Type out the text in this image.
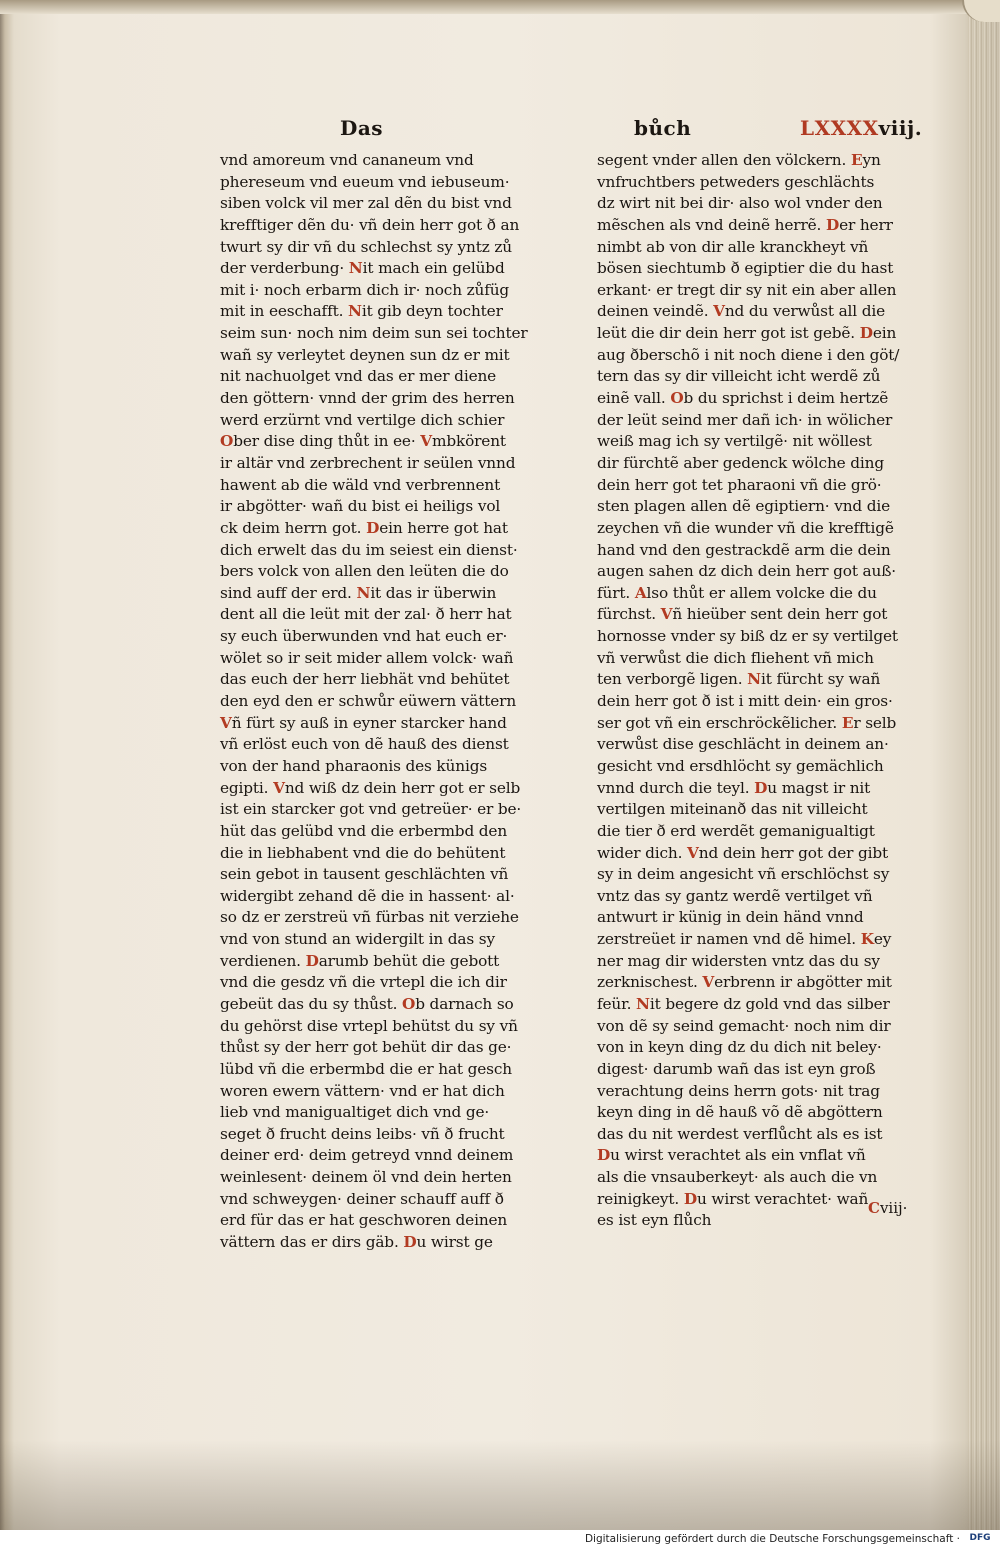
Das	bůch	LXXXXviij.
vnd amoreum vnd cananeum vnd
phereseum vnd eueum vnd iebuseum·
siben volck vil mer zal dẽn du bist vnd
krefftiger dẽn du· vñ dein herr got ð an
twurt sy dir vñ du schlechst sy yntz zů
der verderbung· Nit mach ein gelübd
mit i· noch erbarm dich ir· noch zůfüg
mit in eeschafft. Nit gib deyn tochter
seim sun· noch nim deim sun sei tochter
wañ sy verleytet deynen sun dz er mit
nit nachuolget vnd das er mer diene
den göttern· vnnd der grim des herren
werd erzürnt vnd vertilge dich schier
Ober dise ding thůt in ee· Vmbkörent
ir altär vnd zerbrechent ir seülen vnnd
hawent ab die wäld vnd verbrennent
ir abgötter· wañ du bist ei heiligs vol
ck deim herrn got. Dein herre got hat
dich erwelt das du im seiest ein dienst·
bers volck von allen den leüten die do
sind auff der erd. Nit das ir überwin
dent all die leüt mit der zal· ð herr hat
sy euch überwunden vnd hat euch er·
wölet so ir seit mider allem volck· wañ
das euch der herr liebhät vnd behütet
den eyd den er schwůr eüwern vättern
Vñ fürt sy auß in eyner starcker hand
vñ erlöst euch von dẽ hauß des dienst
von der hand pharaonis des künigs
egipti. Vnd wiß dz dein herr got er selb
ist ein starcker got vnd getreüer· er be·
hüt das gelübd vnd die erbermbd den
die in liebhabent vnd die do behütent
sein gebot in tausent geschlächten vñ
widergibt zehand dẽ die in hassent· al·
so dz er zerstreü vñ fürbas nit verziehe
vnd von stund an widergilt in das sy
verdienen. Darumb behüt die gebott
vnd die gesdz vñ die vrtepl die ich dir
gebeüt das du sy thůst. Ob darnach so
du gehörst dise vrtepl behütst du sy vñ
thůst sy der herr got behüt dir das ge·
lübd vñ die erbermbd die er hat gesch
woren ewern vättern· vnd er hat dich
lieb vnd manigualtiget dich vnd ge·
seget ð frucht deins leibs· vñ ð frucht
deiner erd· deim getreyd vnnd deinem
weinlesent· deinem öl vnd dein herten
vnd schweygen· deiner schauff auff ð
erd für das er hat geschworen deinen
vättern das er dirs gäb. Du wirst ge
segent vnder allen den völckern. Eyn
vnfruchtbers petweders geschlächts
dz wirt nit bei dir· also wol vnder den
mẽschen als vnd deinẽ herrẽ. Der herr
nimbt ab von dir alle kranckheyt vñ
bösen siechtumb ð egiptier die du hast
erkant· er tregt dir sy nit ein aber allen
deinen veindẽ. Vnd du verwůst all die
leüt die dir dein herr got ist gebẽ. Dein
aug ðberschõ i nit noch diene i den göt/
tern das sy dir villeicht icht werdẽ zů
einẽ vall. Ob du sprichst i deim hertzẽ
der leüt seind mer dañ ich· in wölicher
weiß mag ich sy vertilgẽ· nit wöllest
dir fürchtẽ aber gedenck wölche ding
dein herr got tet pharaoni vñ die grö·
sten plagen allen dẽ egiptiern· vnd die
zeychen vñ die wunder vñ die krefftigẽ
hand vnd den gestrackdẽ arm die dein
augen sahen dz dich dein herr got auß·
fürt. Also thůt er allem volcke die du
fürchst. Vñ hieüber sent dein herr got
hornosse vnder sy biß dz er sy vertilget
vñ verwůst die dich fliehent vñ mich
ten verborgẽ ligen. Nit fürcht sy wañ
dein herr got ð ist i mitt dein· ein gros·
ser got vñ ein erschröckẽlicher. Er selb
verwůst dise geschlächt in deinem an·
gesicht vnd ersdhlöcht sy gemächlich
vnnd durch die teyl. Du magst ir nit
vertilgen miteinanð das nit villeicht
die tier ð erd werdẽt gemanigualtigt
wider dich. Vnd dein herr got der gibt
sy in deim angesicht vñ erschlöchst sy
vntz das sy gantz werdẽ vertilget vñ
antwurt ir künig in dein händ vnnd
zerstreüet ir namen vnd dẽ himel. Key
ner mag dir widersten vntz das du sy
zerknischest. Verbrenn ir abgötter mit
feür. Nit begere dz gold vnd das silber
von dẽ sy seind gemacht· noch nim dir
von in keyn ding dz du dich nit beley·
digest· darumb wañ das ist eyn groß
verachtung deins herrn gots· nit trag
keyn ding in dẽ hauß võ dẽ abgöttern
das du nit werdest verflůcht als es ist
Du wirst verachtet als ein vnflat vñ
als die vnsauberkeyt· als auch die vn
reinigkeyt. Du wirst verachtet· wañ
es ist eyn flůch
Cviij·
Digitalisierung gefördert durch die Deutsche Forschungsgemeinschaft ·	DFG
